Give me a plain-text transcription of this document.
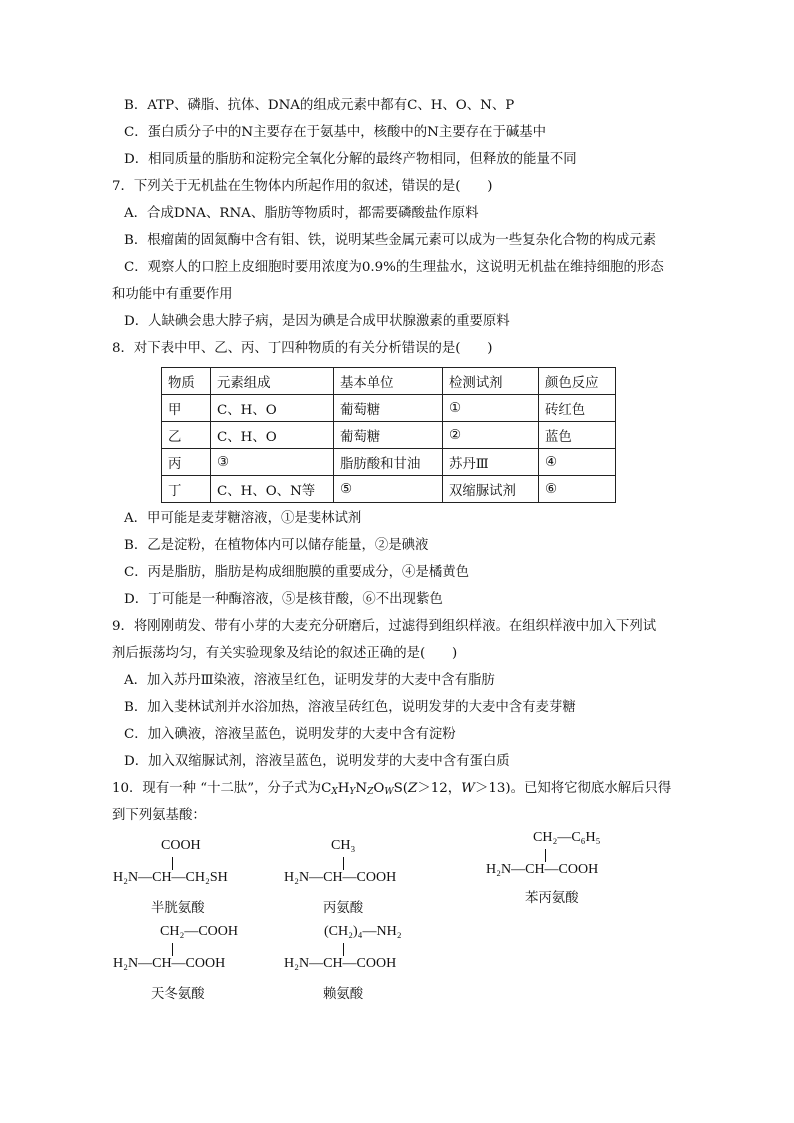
B．ATP、磷脂、抗体、DNA的组成元素中都有C、H、O、N、P
C．蛋白质分子中的N主要存在于氨基中，核酸中的N主要存在于碱基中
D．相同质量的脂肪和淀粉完全氧化分解的最终产物相同，但释放的能量不同
7．下列关于无机盐在生物体内所起作用的叙述，错误的是(　　)
A．合成DNA、RNA、脂肪等物质时，都需要磷酸盐作原料
B．根瘤菌的固氮酶中含有钼、铁，说明某些金属元素可以成为一些复杂化合物的构成元素
C．观察人的口腔上皮细胞时要用浓度为0.9%的生理盐水，这说明无机盐在维持细胞的形态
和功能中有重要作用
D．人缺碘会患大脖子病，是因为碘是合成甲状腺激素的重要原料
8．对下表中甲、乙、丙、丁四种物质的有关分析错误的是(　　)
物质	元素组成	基本单位	检测试剂	颜色反应
甲	C、H、O	葡萄糖	①	砖红色
乙	C、H、O	葡萄糖	②	蓝色
丙	③	脂肪酸和甘油	苏丹Ⅲ	④
丁	C、H、O、N等	⑤	双缩脲试剂	⑥
A．甲可能是麦芽糖溶液，①是斐林试剂
B．乙是淀粉，在植物体内可以储存能量，②是碘液
C．丙是脂肪，脂肪是构成细胞膜的重要成分，④是橘黄色
D．丁可能是一种酶溶液，⑤是核苷酸，⑥不出现紫色
9．将刚刚萌发、带有小芽的大麦充分研磨后，过滤得到组织样液。在组织样液中加入下列试
剂后振荡均匀，有关实验现象及结论的叙述正确的是(　　)
A．加入苏丹Ⅲ染液，溶液呈红色，证明发芽的大麦中含有脂肪
B．加入斐林试剂并水浴加热，溶液呈砖红色，说明发芽的大麦中含有麦芽糖
C．加入碘液，溶液呈蓝色，说明发芽的大麦中含有淀粉
D．加入双缩脲试剂，溶液呈蓝色，说明发芽的大麦中含有蛋白质
10．现有一种 “十二肽”，分子式为$C_XH_YN_ZO_WS(Z>12$，W＞13)。已知将它彻底水解后只得
到下列氨基酸：
COOH
H₂N—CH—CH₂SH
半胱氨酸
CH₃
H₂N—CH—COOH
丙氨酸
CH₂—C₆H₅
H₂N—CH—COOH
苯丙氨酸
CH₂—COOH
H₂N—CH—COOH
天冬氨酸
(CH₂)₄—NH₂
H₂N—CH—COOH
赖氨酸
